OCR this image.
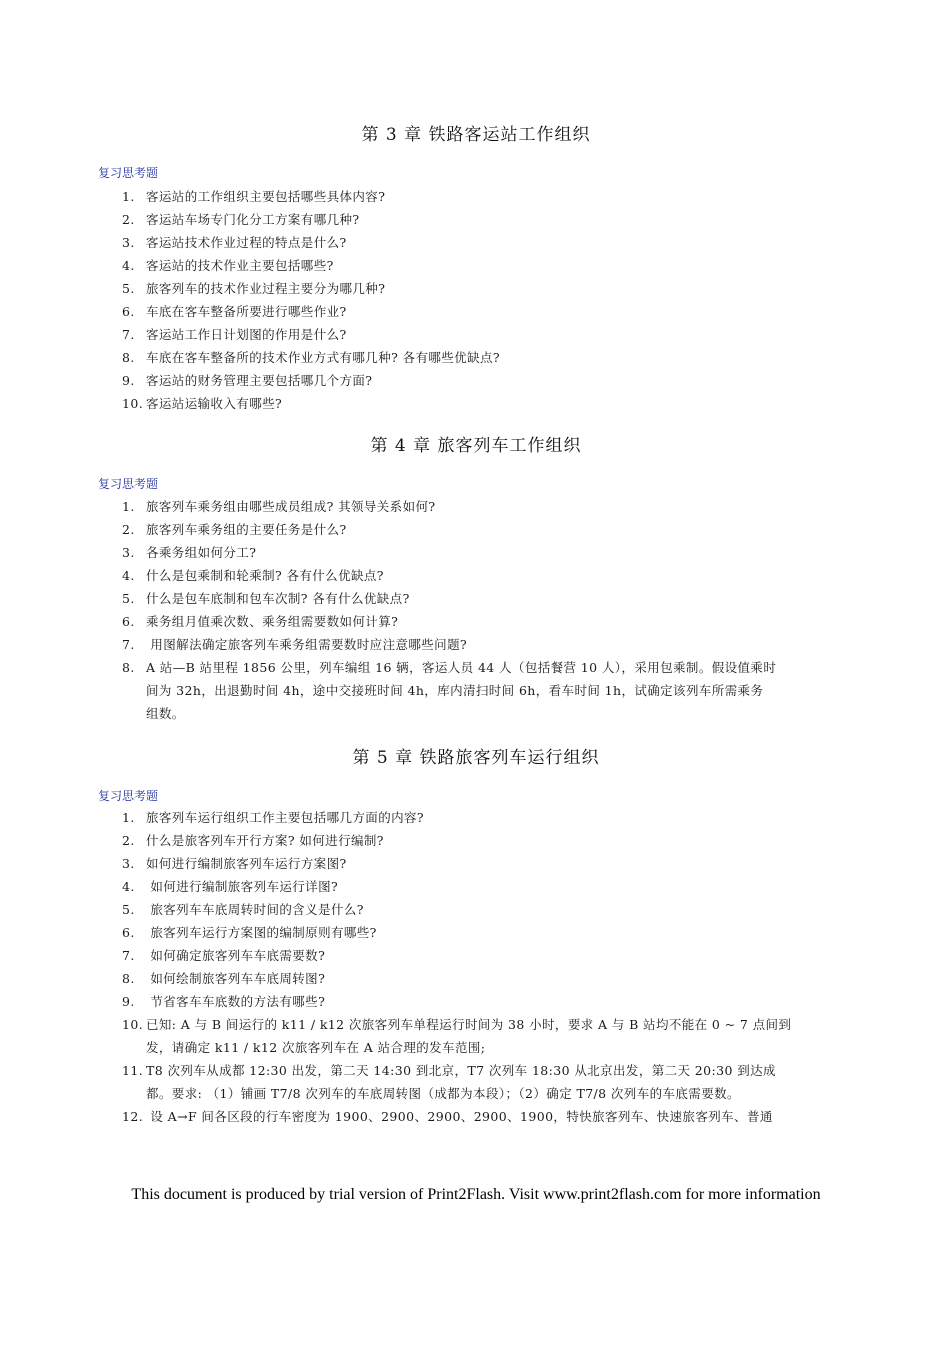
第 3 章 铁路客运站工作组织
复习思考题
1. 客运站的工作组织主要包括哪些具体内容?
2. 客运站车场专门化分工方案有哪几种?
3. 客运站技术作业过程的特点是什么?
4. 客运站的技术作业主要包括哪些?
5. 旅客列车的技术作业过程主要分为哪几种?
6. 车底在客车整备所要进行哪些作业?
7. 客运站工作日计划图的作用是什么?
8. 车底在客车整备所的技术作业方式有哪几种? 各有哪些优缺点?
9. 客运站的财务管理主要包括哪几个方面?
10. 客运站运输收入有哪些?
第 4 章 旅客列车工作组织
复习思考题
1. 旅客列车乘务组由哪些成员组成? 其领导关系如何?
2. 旅客列车乘务组的主要任务是什么?
3. 各乘务组如何分工?
4. 什么是包乘制和轮乘制? 各有什么优缺点?
5. 什么是包车底制和包车次制? 各有什么优缺点?
6. 乘务组月值乘次数、乘务组需要数如何计算?
7. 用图解法确定旅客列车乘务组需要数时应注意哪些问题?
8. A 站—B 站里程 1856 公里，列车编组 16 辆，客运人员 44 人（包括餐营 10 人），采用包乘制。假设值乘时
间为 32h，出退勤时间 4h，途中交接班时间 4h，库内清扫时间 6h，看车时间 1h，试确定该列车所需乘务
组数。
第 5 章 铁路旅客列车运行组织
复习思考题
1. 旅客列车运行组织工作主要包括哪几方面的内容?
2. 什么是旅客列车开行方案? 如何进行编制?
3. 如何进行编制旅客列车运行方案图?
4. 如何进行编制旅客列车运行详图?
5. 旅客列车车底周转时间的含义是什么?
6. 旅客列车运行方案图的编制原则有哪些?
7. 如何确定旅客列车车底需要数?
8. 如何绘制旅客列车车底周转图?
9. 节省客车车底数的方法有哪些?
10. 已知: A 与 B 间运行的 k11 / k12 次旅客列车单程运行时间为 38 小时，要求 A 与 B 站均不能在 0 ~ 7 点间到
发，请确定 k11 / k12 次旅客列车在 A 站合理的发车范围;
11. T8 次列车从成都 12:30 出发，第二天 14:30 到北京，T7 次列车 18:30 从北京出发，第二天 20:30 到达成
都。要求: （1）铺画 T7/8 次列车的车底周转图（成都为本段）；（2）确定 T7/8 次列车的车底需要数。
12. 设 A→F 间各区段的行车密度为 1900、2900、2900、2900、1900，特快旅客列车、快速旅客列车、普通
This document is produced by trial version of Print2Flash. Visit www.print2flash.com for more information
